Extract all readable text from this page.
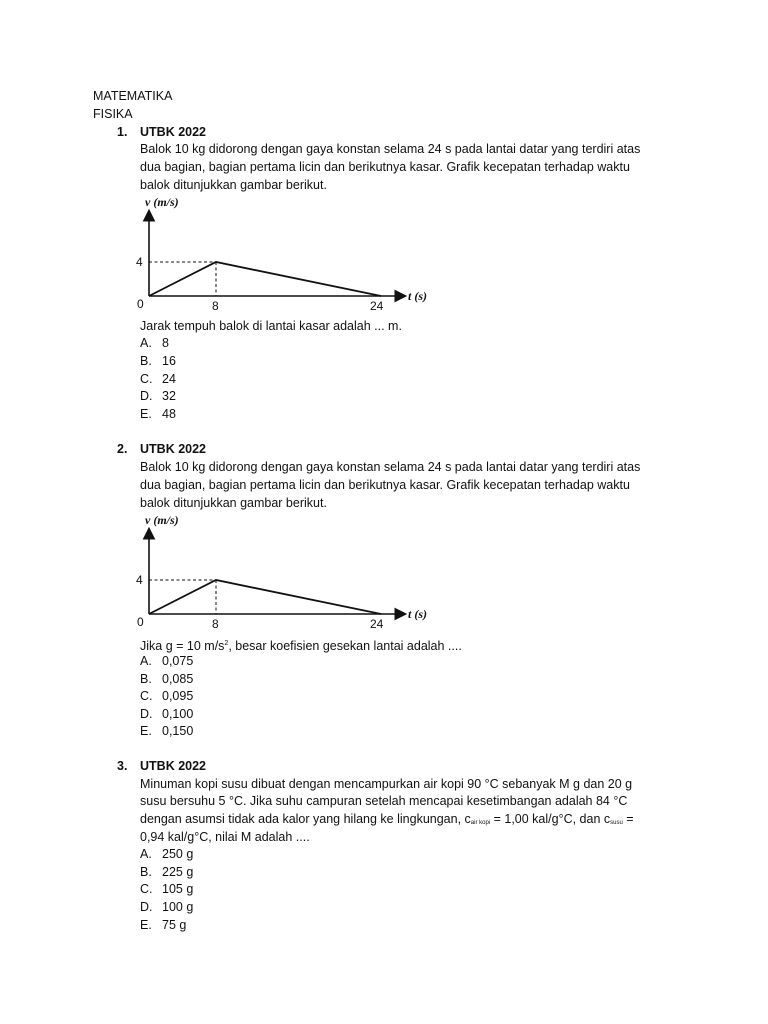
MATEMATIKA
FISIKA
1. UTBK 2022
Balok 10 kg didorong dengan gaya konstan selama 24 s pada lantai datar yang terdiri atas
dua bagian, bagian pertama licin dan berikutnya kasar. Grafik kecepatan terhadap waktu
balok ditunjukkan gambar berikut.
v (m/s)
t (s)
4
0	8	24
Jarak tempuh balok di lantai kasar adalah ... m.
A. 8
B. 16
C. 24
D. 32
E. 48
2. UTBK 2022
Balok 10 kg didorong dengan gaya konstan selama 24 s pada lantai datar yang terdiri atas
dua bagian, bagian pertama licin dan berikutnya kasar. Grafik kecepatan terhadap waktu
balok ditunjukkan gambar berikut.
v (m/s)
t (s)
4
0	8	24
Jika g = 10 $m/s^2$, besar koefisien gesekan lantai adalah ....
A. 0,075
B. 0,085
C. 0,095
D. 0,100
E. 0,150
3. UTBK 2022
Minuman kopi susu dibuat dengan mencampurkan air kopi 90 °C sebanyak M g dan 20 g
susu bersuhu 5 °C. Jika suhu campuran setelah mencapai kesetimbangan adalah 84 °C
dengan asumsi tidak ada kalor yang hilang ke lingkungan, $c_{air kopi} = 1,00$ kal/g°C, dan $c_{susu}$ =
0,94 kal/g°C, nilai M adalah ....
A. 250 g
B. 225 g
C. 105 g
D. 100 g
E. 75 g
